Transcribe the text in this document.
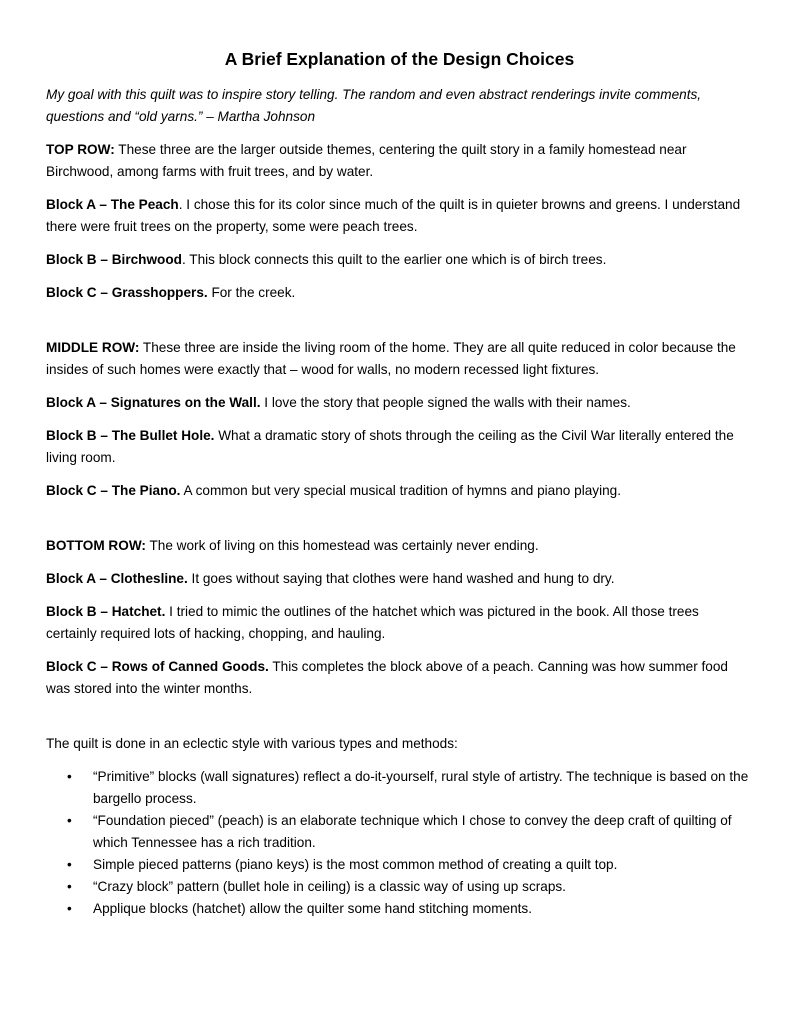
A Brief Explanation of the Design Choices

My goal with this quilt was to inspire story telling. The random and even abstract renderings invite comments, questions and “old yarns.” – Martha Johnson

TOP ROW: These three are the larger outside themes, centering the quilt story in a family homestead near Birchwood, among farms with fruit trees, and by water.

Block A – The Peach. I chose this for its color since much of the quilt is in quieter browns and greens. I understand there were fruit trees on the property, some were peach trees.

Block B – Birchwood. This block connects this quilt to the earlier one which is of birch trees.

Block C – Grasshoppers. For the creek.

MIDDLE ROW: These three are inside the living room of the home. They are all quite reduced in color because the insides of such homes were exactly that – wood for walls, no modern recessed light fixtures.

Block A – Signatures on the Wall. I love the story that people signed the walls with their names.

Block B – The Bullet Hole. What a dramatic story of shots through the ceiling as the Civil War literally entered the living room.

Block C – The Piano. A common but very special musical tradition of hymns and piano playing.

BOTTOM ROW: The work of living on this homestead was certainly never ending.

Block A – Clothesline. It goes without saying that clothes were hand washed and hung to dry.

Block B – Hatchet. I tried to mimic the outlines of the hatchet which was pictured in the book. All those trees certainly required lots of hacking, chopping, and hauling.

Block C – Rows of Canned Goods. This completes the block above of a peach. Canning was how summer food was stored into the winter months.

The quilt is done in an eclectic style with various types and methods:

• “Primitive” blocks (wall signatures) reflect a do-it-yourself, rural style of artistry. The technique is based on the bargello process.
• “Foundation pieced” (peach) is an elaborate technique which I chose to convey the deep craft of quilting of which Tennessee has a rich tradition.
• Simple pieced patterns (piano keys) is the most common method of creating a quilt top.
• “Crazy block” pattern (bullet hole in ceiling) is a classic way of using up scraps.
• Applique blocks (hatchet) allow the quilter some hand stitching moments.
